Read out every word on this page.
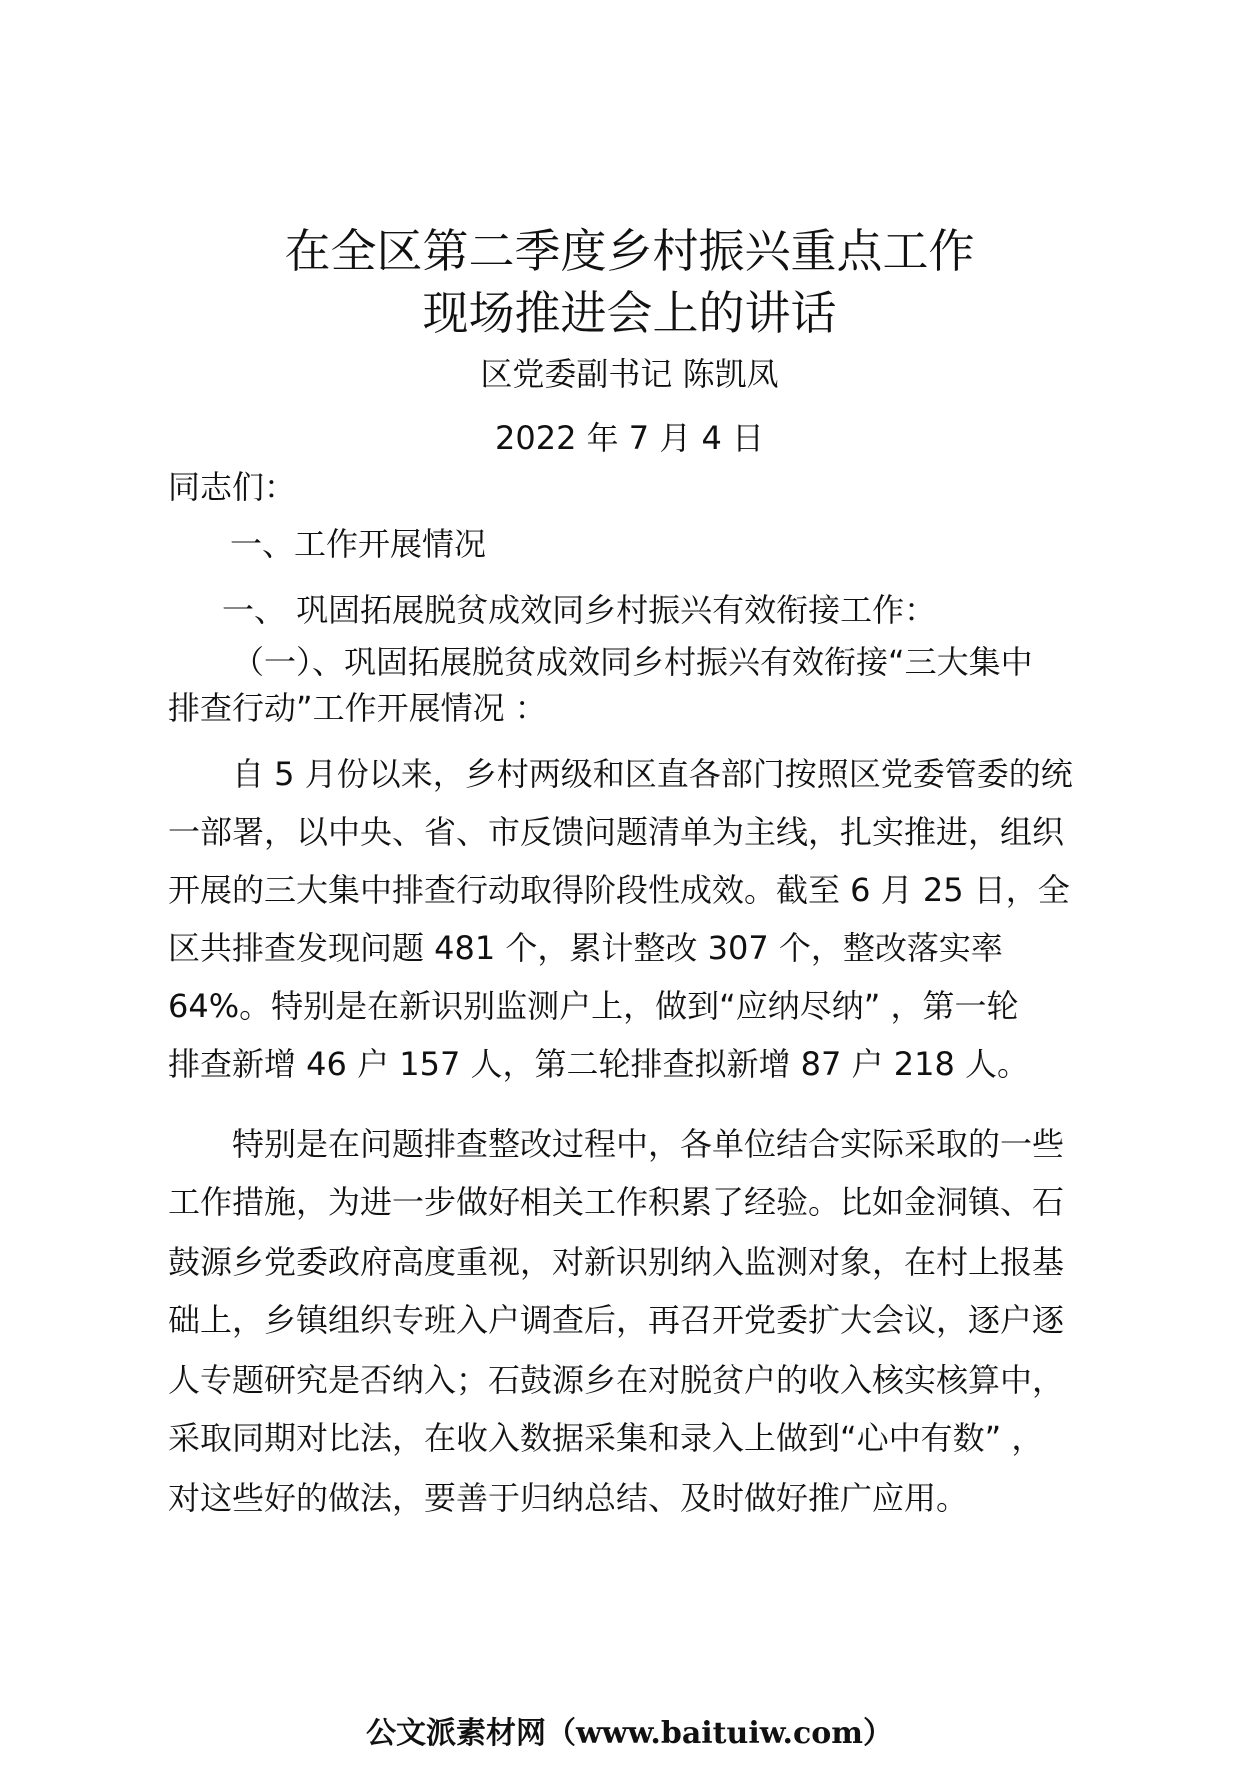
在全区第二季度乡村振兴重点工作
现场推进会上的讲话
区党委副书记 陈凯凤
2022 年 7 月 4 日
同志们：
一、工作开展情况
一、 巩固拓展脱贫成效同乡村振兴有效衔接工作：
（一）、巩固拓展脱贫成效同乡村振兴有效衔接“三大集中
排查行动”工作开展情况 ：
自 5 月份以来，乡村两级和区直各部门按照区党委管委的统
一部署，以中央、省、市反馈问题清单为主线，扎实推进，组织
开展的三大集中排查行动取得阶段性成效。截至 6 月 25 日，全
区共排查发现问题 481 个，累计整改 307 个，整改落实率
64%。特别是在新识别监测户上，做到“应纳尽纳” ，第一轮
排查新增 46 户 157 人，第二轮排查拟新增 87 户 218 人。
特别是在问题排查整改过程中，各单位结合实际采取的一些
工作措施，为进一步做好相关工作积累了经验。比如金洞镇、石
鼓源乡党委政府高度重视，对新识别纳入监测对象，在村上报基
础上，乡镇组织专班入户调查后，再召开党委扩大会议，逐户逐
人专题研究是否纳入；石鼓源乡在对脱贫户的收入核实核算中，
采取同期对比法，在收入数据采集和录入上做到“心中有数” ，
对这些好的做法，要善于归纳总结、及时做好推广应用。
公文派素材网（www.baituiw.com）
